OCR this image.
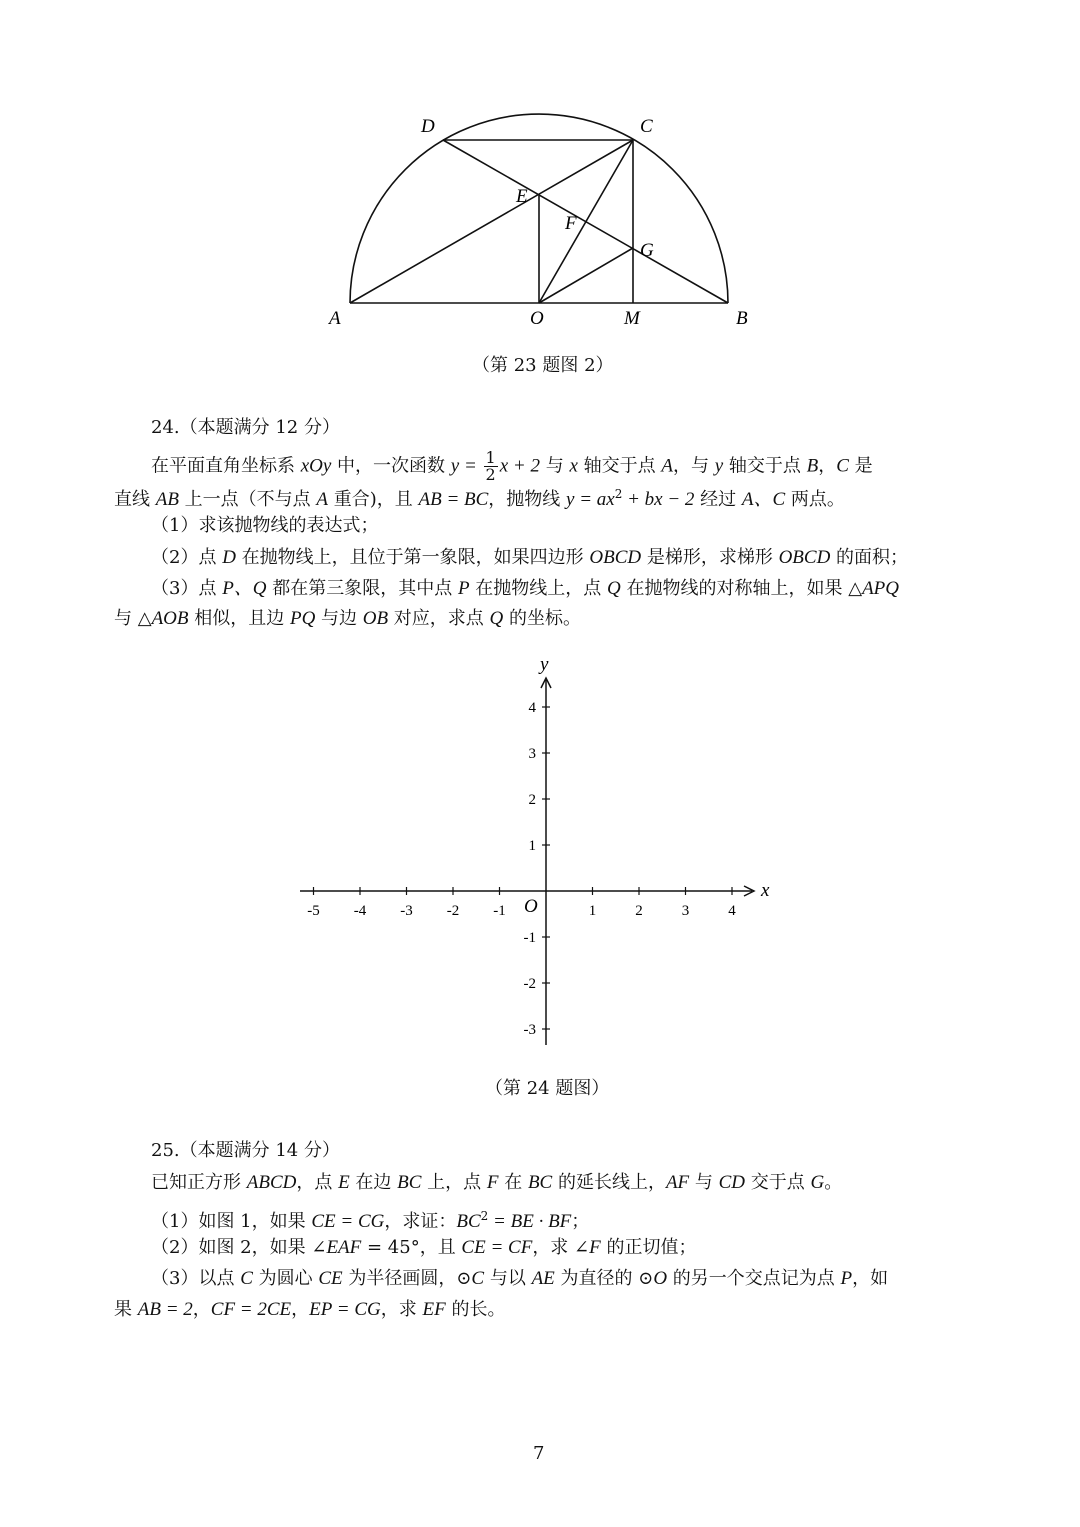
D	C
E
F
G
A	O	M	B
（第 23 题图 2）
24.（本题满分 12 分）
在平面直角坐标系 xOy 中，一次函数 $y = \frac{1}{2}$ x + 2 与 x 轴交于点 A，与 y 轴交于点 B，C 是
直线 AB 上一点（不与点 A 重合)，且 AB = BC，抛物线 $y = ax^2$ + bx − 2 经过 A、C 两点。
（1）求该抛物线的表达式；
（2）点 D 在抛物线上，且位于第一象限，如果四边形 OBCD 是梯形，求梯形 OBCD 的面积；
（3）点 P、Q 都在第三象限，其中点 P 在抛物线上，点 Q 在抛物线的对称轴上，如果 △APQ
与 △AOB 相似，且边 PQ 与边 OB 对应，求点 Q 的坐标。
x
y
O
-5 -4 -3 -2 -1	1	2	3	4
4
3
2
1
-1
-2
-3
（第 24 题图）
25.（本题满分 14 分）
已知正方形 ABCD，点 E 在边 BC 上，点 F 在 BC 的延长线上，AF 与 CD 交于点 G。
（1）如图 1，如果 CE = CG，求证：$BC^2$ = BE · BF；
（2）如图 2，如果 ∠EAF = 45°，且 CE = CF，求 ∠F 的正切值；
（3）以点 C 为圆心 CE 为半径画圆，⊙C 与以 AE 为直径的 ⊙O 的另一个交点记为点 P，如
果 AB = 2，CF = 2CE，EP = CG，求 EF 的长。
7
